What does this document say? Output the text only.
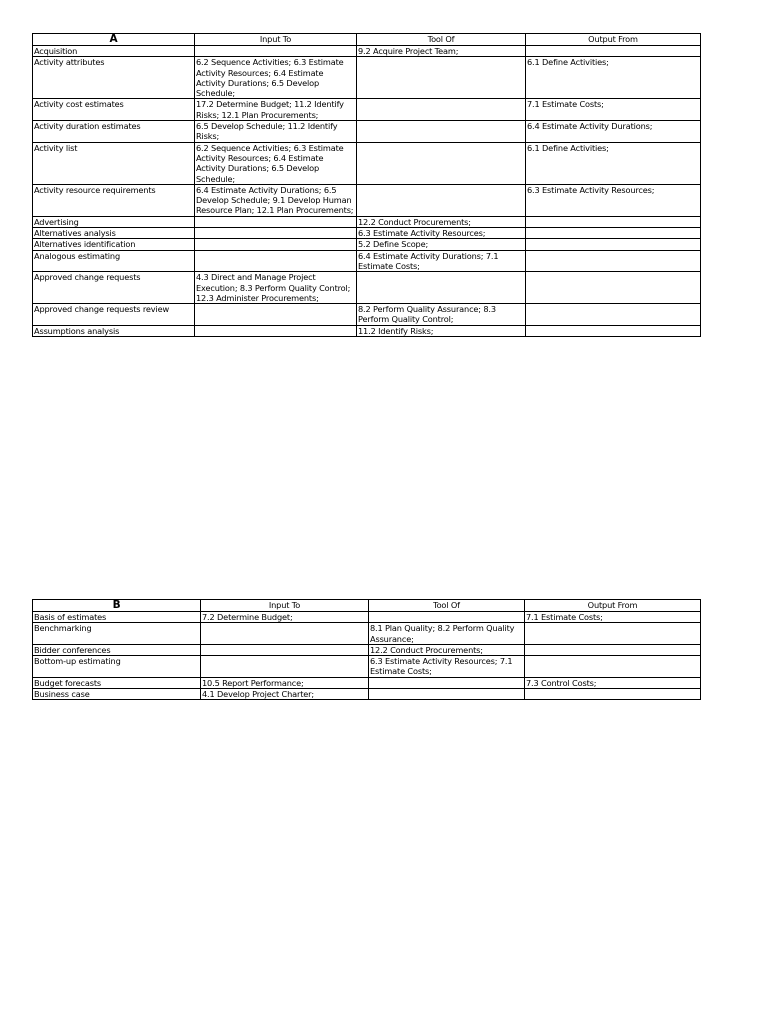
A	Input To	Tool Of	Output From
Acquisition		9.2 Acquire Project Team;	
Activity attributes	6.2 Sequence Activities; 6.3 Estimate Activity Resources; 6.4 Estimate Activity Durations; 6.5 Develop Schedule;		6.1 Define Activities;
Activity cost estimates	17.2 Determine Budget; 11.2 Identify Risks; 12.1 Plan Procurements;		7.1 Estimate Costs;
Activity duration estimates	6.5 Develop Schedule; 11.2 Identify Risks;		6.4 Estimate Activity Durations;
Activity list	6.2 Sequence Activities; 6.3 Estimate Activity Resources; 6.4 Estimate Activity Durations; 6.5 Develop Schedule;		6.1 Define Activities;
Activity resource requirements	6.4 Estimate Activity Durations; 6.5 Develop Schedule; 9.1 Develop Human Resource Plan; 12.1 Plan Procurements;		6.3 Estimate Activity Resources;
Advertising		12.2 Conduct Procurements;	
Alternatives analysis		6.3 Estimate Activity Resources;	
Alternatives identification		5.2 Define Scope;	
Analogous estimating		6.4 Estimate Activity Durations; 7.1 Estimate Costs;	
Approved change requests	4.3 Direct and Manage Project Execution; 8.3 Perform Quality Control; 12.3 Administer Procurements;		
Approved change requests review		8.2 Perform Quality Assurance; 8.3 Perform Quality Control;	
Assumptions analysis		11.2 Identify Risks;	
B	Input To	Tool Of	Output From
Basis of estimates	7.2 Determine Budget;		7.1 Estimate Costs;
Benchmarking		8.1 Plan Quality; 8.2 Perform Quality Assurance;	
Bidder conferences		12.2 Conduct Procurements;	
Bottom-up estimating		6.3 Estimate Activity Resources; 7.1 Estimate Costs;	
Budget forecasts	10.5 Report Performance;		7.3 Control Costs;
Business case	4.1 Develop Project Charter;		
